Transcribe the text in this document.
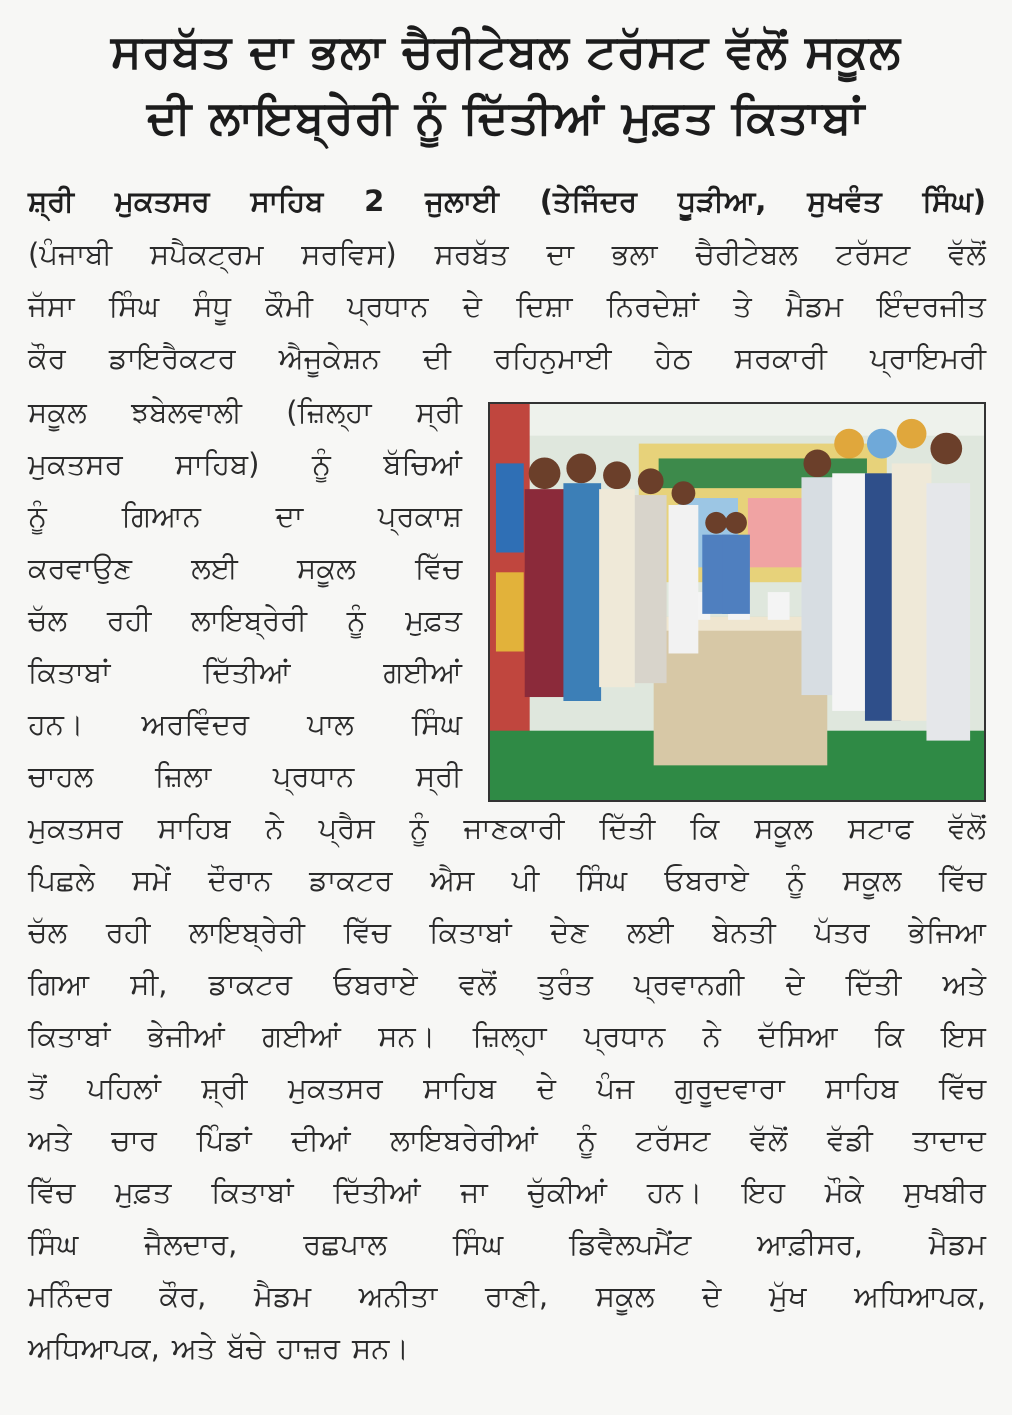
ਸਰਬੱਤ ਦਾ ਭਲਾ ਚੈਰੀਟੇਬਲ ਟਰੱਸਟ ਵੱਲੋਂ ਸਕੂਲ
ਦੀ ਲਾਇਬ੍ਰੇਰੀ ਨੂੰ ਦਿੱਤੀਆਂ ਮੁਫ਼ਤ ਕਿਤਾਬਾਂ
ਸ਼੍ਰੀ ਮੁਕਤਸਰ ਸਾਹਿਬ 2 ਜੁਲਾਈ (ਤੇਜਿੰਦਰ ਧੂੜੀਆ, ਸੁਖਵੰਤ ਸਿੰਘ)
(ਪੰਜਾਬੀ ਸਪੈਕਟ੍ਰਮ ਸਰਵਿਸ) ਸਰਬੱਤ ਦਾ ਭਲਾ ਚੈਰੀਟੇਬਲ ਟਰੱਸਟ ਵੱਲੋਂ
ਜੱਸਾ ਸਿੰਘ ਸੰਧੂ ਕੌਮੀ ਪ੍ਰਧਾਨ ਦੇ ਦਿਸ਼ਾ ਨਿਰਦੇਸ਼ਾਂ ਤੇ ਮੈਡਮ ਇੰਦਰਜੀਤ
ਕੌਰ ਡਾਇਰੈਕਟਰ ਐਜੂਕੇਸ਼ਨ ਦੀ ਰਹਿਨੁਮਾਈ ਹੇਠ ਸਰਕਾਰੀ ਪ੍ਰਾਇਮਰੀ
ਸਕੂਲ ਝਬੇਲਵਾਲੀ (ਜ਼ਿਲ੍ਹਾ ਸ੍ਰੀ
ਮੁਕਤਸਰ ਸਾਹਿਬ) ਨੂੰ ਬੱਚਿਆਂ
ਨੂੰ	ਗਿਆਨ	ਦਾ	ਪ੍ਰਕਾਸ਼
ਕਰਵਾਉਣ ਲਈ ਸਕੂਲ ਵਿੱਚ
ਚੱਲ ਰਹੀ ਲਾਇਬ੍ਰੇਰੀ ਨੂੰ ਮੁਫ਼ਤ
ਕਿਤਾਬਾਂ	ਦਿੱਤੀਆਂ	ਗਈਆਂ
ਹਨ। ਅਰਵਿੰਦਰ ਪਾਲ ਸਿੰਘ
ਚਾਹਲ ਜ਼ਿਲਾ ਪ੍ਰਧਾਨ ਸ੍ਰੀ
ਮੁਕਤਸਰ ਸਾਹਿਬ ਨੇ ਪ੍ਰੈਸ ਨੂੰ ਜਾਣਕਾਰੀ ਦਿੱਤੀ ਕਿ ਸਕੂਲ ਸਟਾਫ ਵੱਲੋਂ
ਪਿਛਲੇ ਸਮੇਂ ਦੌਰਾਨ ਡਾਕਟਰ ਐਸ ਪੀ ਸਿੰਘ ਓਬਰਾਏ ਨੂੰ ਸਕੂਲ ਵਿੱਚ
ਚੱਲ ਰਹੀ ਲਾਇਬ੍ਰੇਰੀ ਵਿੱਚ ਕਿਤਾਬਾਂ ਦੇਣ ਲਈ ਬੇਨਤੀ ਪੱਤਰ ਭੇਜਿਆ
ਗਿਆ ਸੀ, ਡਾਕਟਰ ਓਬਰਾਏ ਵਲੋਂ ਤੁਰੰਤ ਪ੍ਰਵਾਨਗੀ ਦੇ ਦਿੱਤੀ ਅਤੇ
ਕਿਤਾਬਾਂ ਭੇਜੀਆਂ ਗਈਆਂ ਸਨ। ਜ਼ਿਲ੍ਹਾ ਪ੍ਰਧਾਨ ਨੇ ਦੱਸਿਆ ਕਿ ਇਸ
ਤੋਂ ਪਹਿਲਾਂ ਸ਼੍ਰੀ ਮੁਕਤਸਰ ਸਾਹਿਬ ਦੇ ਪੰਜ ਗੁਰੂਦਵਾਰਾ ਸਾਹਿਬ ਵਿੱਚ
ਅਤੇ ਚਾਰ ਪਿੰਡਾਂ ਦੀਆਂ ਲਾਇਬਰੇਰੀਆਂ ਨੂੰ ਟਰੱਸਟ ਵੱਲੋਂ ਵੱਡੀ ਤਾਦਾਦ
ਵਿੱਚ ਮੁਫ਼ਤ ਕਿਤਾਬਾਂ ਦਿੱਤੀਆਂ ਜਾ ਚੁੱਕੀਆਂ ਹਨ। ਇਹ ਮੌਕੇ ਸੁਖਬੀਰ
ਸਿੰਘ ਜੈਲਦਾਰ, ਰਛਪਾਲ ਸਿੰਘ ਡਿਵੈਲਪਮੈਂਟ ਆਫ਼ੀਸਰ, ਮੈਡਮ
ਮਨਿੰਦਰ ਕੌਰ, ਮੈਡਮ ਅਨੀਤਾ ਰਾਣੀ, ਸਕੂਲ ਦੇ ਮੁੱਖ ਅਧਿਆਪਕ,
ਅਧਿਆਪਕ, ਅਤੇ ਬੱਚੇ ਹਾਜ਼ਰ ਸਨ।
